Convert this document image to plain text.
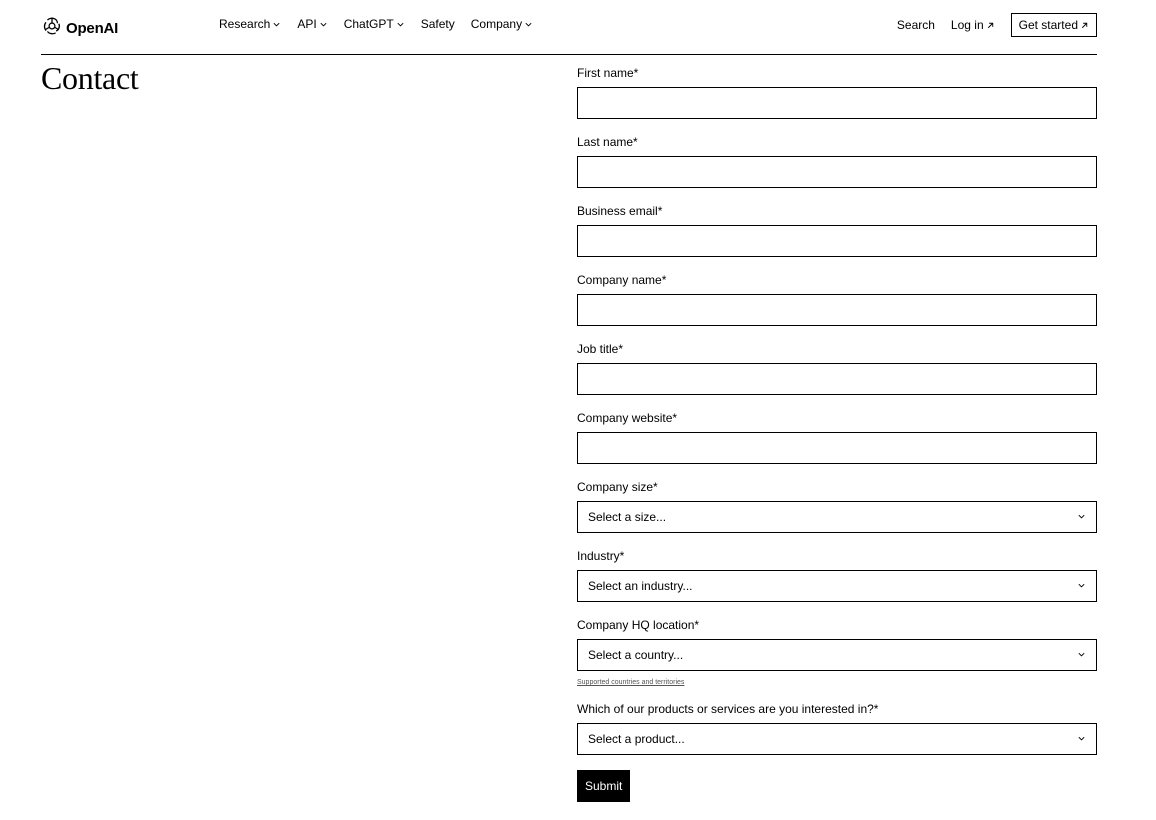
OpenAI	Research API ChatGPT Safety Company	Search Log in	Get started
Contact	First name*
Last name*
Business email*
Company name*
Job title*
Company website*
Company size*
Select a size...
Industry*
Select an industry...
Company HQ location*
Select a country...
Supported countries and territories
Which of our products or services are you interested in?*
Select a product...
Submit
